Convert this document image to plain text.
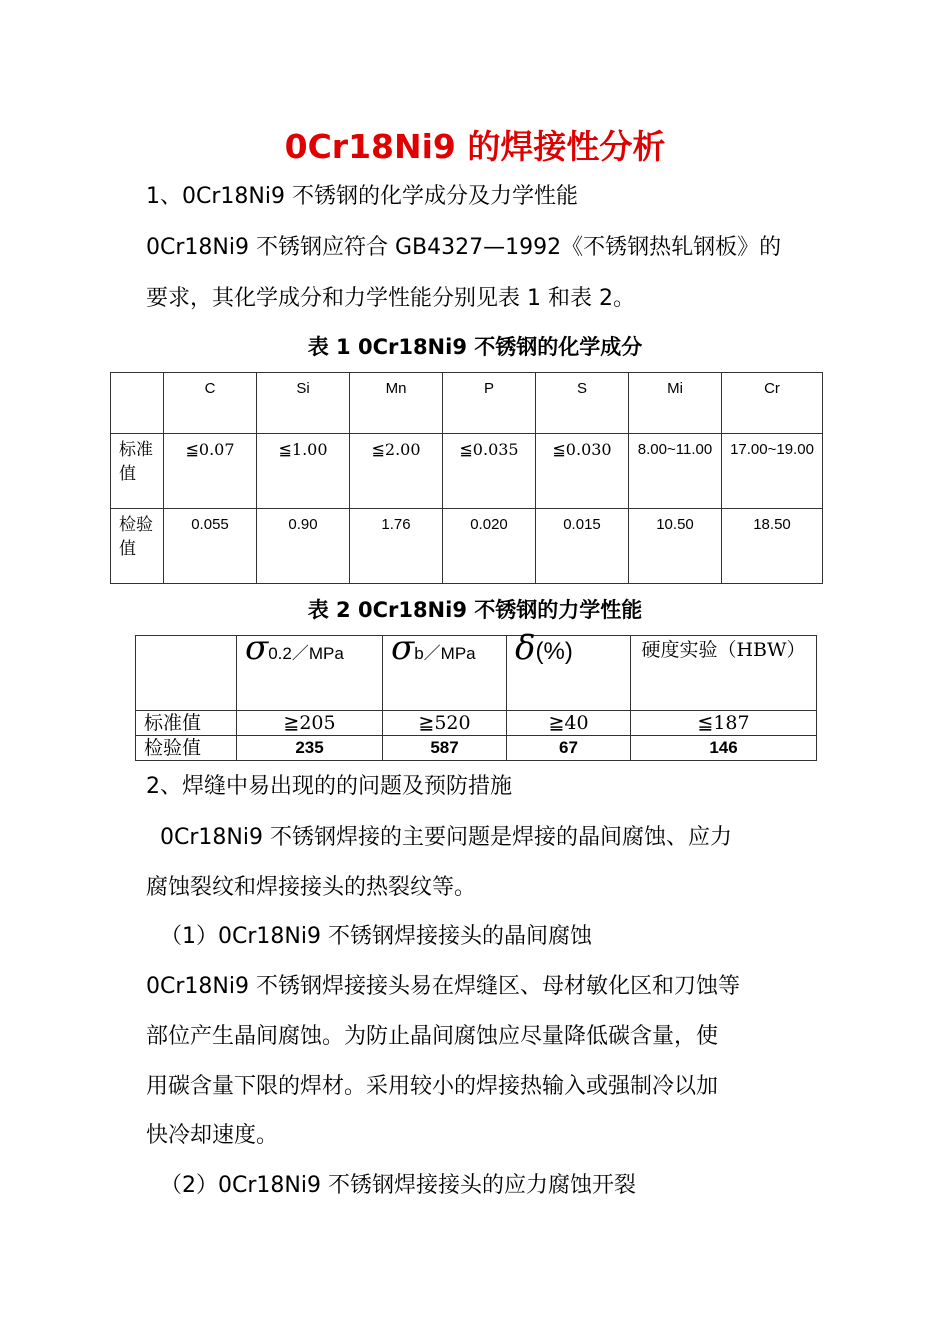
0Cr18Ni9 的焊接性分析
1、0Cr18Ni9 不锈钢的化学成分及力学性能
0Cr18Ni9 不锈钢应符合 GB4327—1992《不锈钢热轧钢板》的
要求，其化学成分和力学性能分别见表 1 和表 2。
表 1 0Cr18Ni9 不锈钢的化学成分
	C	Si	Mn	P	S	Mi	Cr
标准值	≦0.07	≦1.00	≦2.00	≦0.035	≦0.030	8.00~11.00	17.00~19.00
检验值	0.055	0.90	1.76	0.020	0.015	10.50	18.50
表 2 0Cr18Ni9 不锈钢的力学性能
	σ0.2／MPa	σb／MPa	δ(%)	硬度实验（HBW）
标准值	≧205	≧520	≧40	≦187
检验值	235	587	67	146
2、焊缝中易出现的的问题及预防措施
0Cr18Ni9 不锈钢焊接的主要问题是焊接的晶间腐蚀、应力
腐蚀裂纹和焊接接头的热裂纹等。
（1）0Cr18Ni9 不锈钢焊接接头的晶间腐蚀
0Cr18Ni9 不锈钢焊接接头易在焊缝区、母材敏化区和刀蚀等
部位产生晶间腐蚀。为防止晶间腐蚀应尽量降低碳含量，使
用碳含量下限的焊材。采用较小的焊接热输入或强制冷以加
快冷却速度。
（2）0Cr18Ni9 不锈钢焊接接头的应力腐蚀开裂
